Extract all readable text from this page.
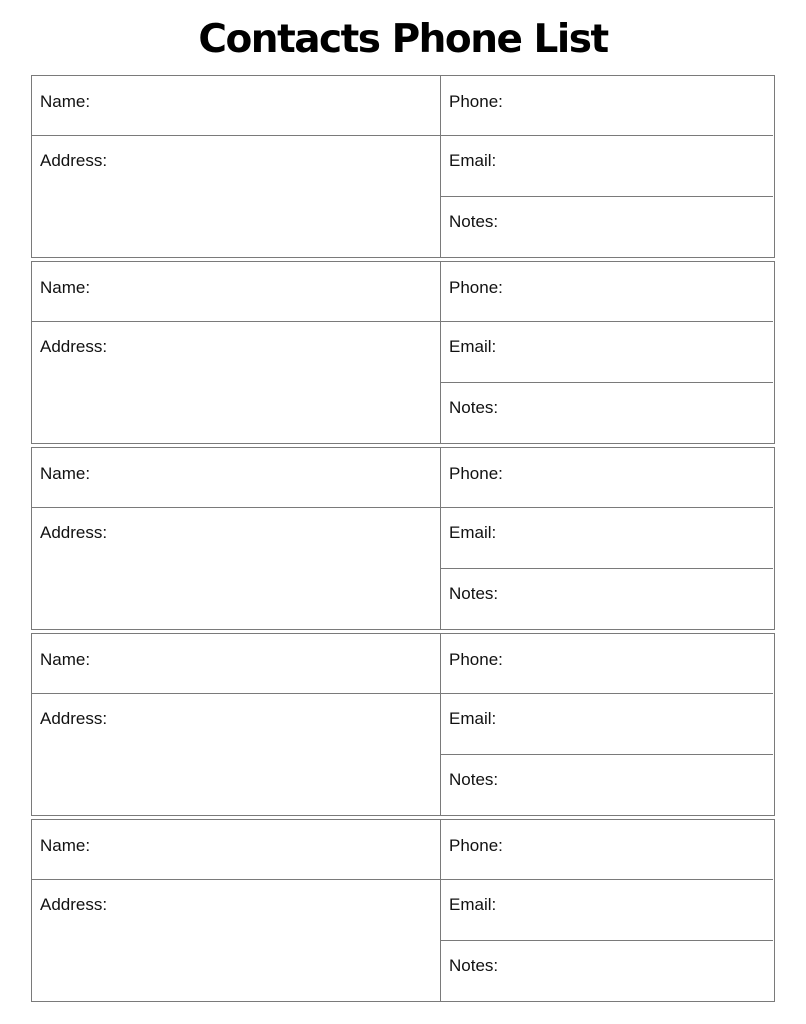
Contacts Phone List
Name:
Address:
Phone:
Email:
Notes:
Name:
Address:
Phone:
Email:
Notes:
Name:
Address:
Phone:
Email:
Notes:
Name:
Address:
Phone:
Email:
Notes:
Name:
Address:
Phone:
Email:
Notes:
